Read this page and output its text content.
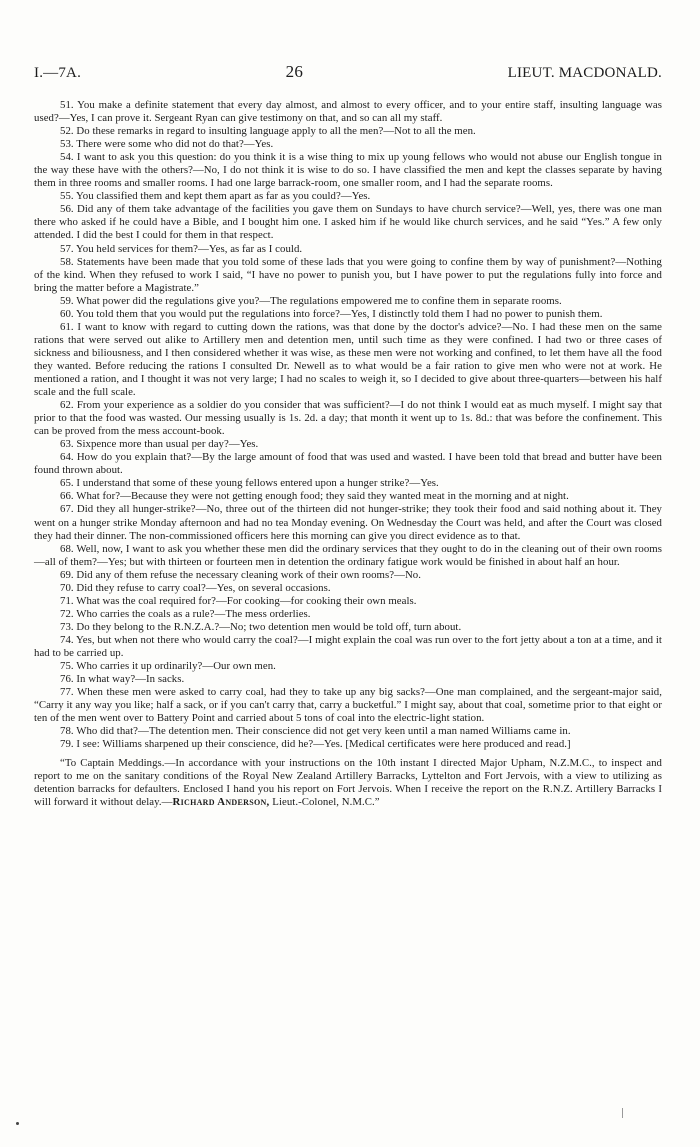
I.—7A.	26	LIEUT. MACDONALD.

51. You make a definite statement that every day almost, and almost to every officer, and to your entire staff, insulting language was used?—Yes, I can prove it. Sergeant Ryan can give testimony on that, and so can all my staff.

52. Do these remarks in regard to insulting language apply to all the men?—Not to all the men.

53. There were some who did not do that?—Yes.

54. I want to ask you this question: do you think it is a wise thing to mix up young fellows who would not abuse our English tongue in the way these have with the others?—No, I do not think it is wise to do so. I have classified the men and kept the classes separate by having them in three rooms and smaller rooms. I had one large barrack-room, one smaller room, and I had the separate rooms.

55. You classified them and kept them apart as far as you could?—Yes.

56. Did any of them take advantage of the facilities you gave them on Sundays to have church service?—Well, yes, there was one man there who asked if he could have a Bible, and I bought him one. I asked him if he would like church services, and he said “Yes.” A few only attended. I did the best I could for them in that respect.

57. You held services for them?—Yes, as far as I could.

58. Statements have been made that you told some of these lads that you were going to confine them by way of punishment?—Nothing of the kind. When they refused to work I said, “I have no power to punish you, but I have power to put the regulations fully into force and bring the matter before a Magistrate.”

59. What power did the regulations give you?—The regulations empowered me to confine them in separate rooms.

60. You told them that you would put the regulations into force?—Yes, I distinctly told them I had no power to punish them.

61. I want to know with regard to cutting down the rations, was that done by the doctor's advice?—No. I had these men on the same rations that were served out alike to Artillery men and detention men, until such time as they were confined. I had two or three cases of sickness and biliousness, and I then considered whether it was wise, as these men were not working and confined, to let them have all the food they wanted. Before reducing the rations I consulted Dr. Newell as to what would be a fair ration to give men who were not at work. He mentioned a ration, and I thought it was not very large; I had no scales to weigh it, so I decided to give about three-quarters—between his half scale and the full scale.

62. From your experience as a soldier do you consider that was sufficient?—I do not think I would eat as much myself. I might say that prior to that the food was wasted. Our messing usually is 1s. 2d. a day; that month it went up to 1s. 8d.: that was before the confinement. This can be proved from the mess account-book.

63. Sixpence more than usual per day?—Yes.

64. How do you explain that?—By the large amount of food that was used and wasted. I have been told that bread and butter have been found thrown about.

65. I understand that some of these young fellows entered upon a hunger strike?—Yes.

66. What for?—Because they were not getting enough food; they said they wanted meat in the morning and at night.

67. Did they all hunger-strike?—No, three out of the thirteen did not hunger-strike; they took their food and said nothing about it. They went on a hunger strike Monday afternoon and had no tea Monday evening. On Wednesday the Court was held, and after the Court was closed they had their dinner. The non-commissioned officers here this morning can give you direct evidence as to that.

68. Well, now, I want to ask you whether these men did the ordinary services that they ought to do in the cleaning out of their own rooms—all of them?—Yes; but with thirteen or fourteen men in detention the ordinary fatigue work would be finished in about half an hour.

69. Did any of them refuse the necessary cleaning work of their own rooms?—No.

70. Did they refuse to carry coal?—Yes, on several occasions.

71. What was the coal required for?—For cooking—for cooking their own meals.

72. Who carries the coals as a rule?—The mess orderlies.

73. Do they belong to the R.N.Z.A.?—No; two detention men would be told off, turn about.

74. Yes, but when not there who would carry the coal?—I might explain the coal was run over to the fort jetty about a ton at a time, and it had to be carried up.

75. Who carries it up ordinarily?—Our own men.

76. In what way?—In sacks.

77. When these men were asked to carry coal, had they to take up any big sacks?—One man complained, and the sergeant-major said, “Carry it any way you like; half a sack, or if you can't carry that, carry a bucketful.” I might say, about that coal, sometime prior to that eight or ten of the men went over to Battery Point and carried about 5 tons of coal into the electric-light station.

78. Who did that?—The detention men. Their conscience did not get very keen until a man named Williams came in.

79. I see: Williams sharpened up their conscience, did he?—Yes. [Medical certificates were here produced and read.]

“To Captain Meddings.—In accordance with your instructions on the 10th instant I directed Major Upham, N.Z.M.C., to inspect and report to me on the sanitary conditions of the Royal New Zealand Artillery Barracks, Lyttelton and Fort Jervois, with a view to utilizing as detention barracks for defaulters. Enclosed I hand you his report on Fort Jervois. When I receive the report on the R.N.Z. Artillery Barracks I will forward it without delay.—Richard Anderson, Lieut.-Colonel, N.M.C.”
